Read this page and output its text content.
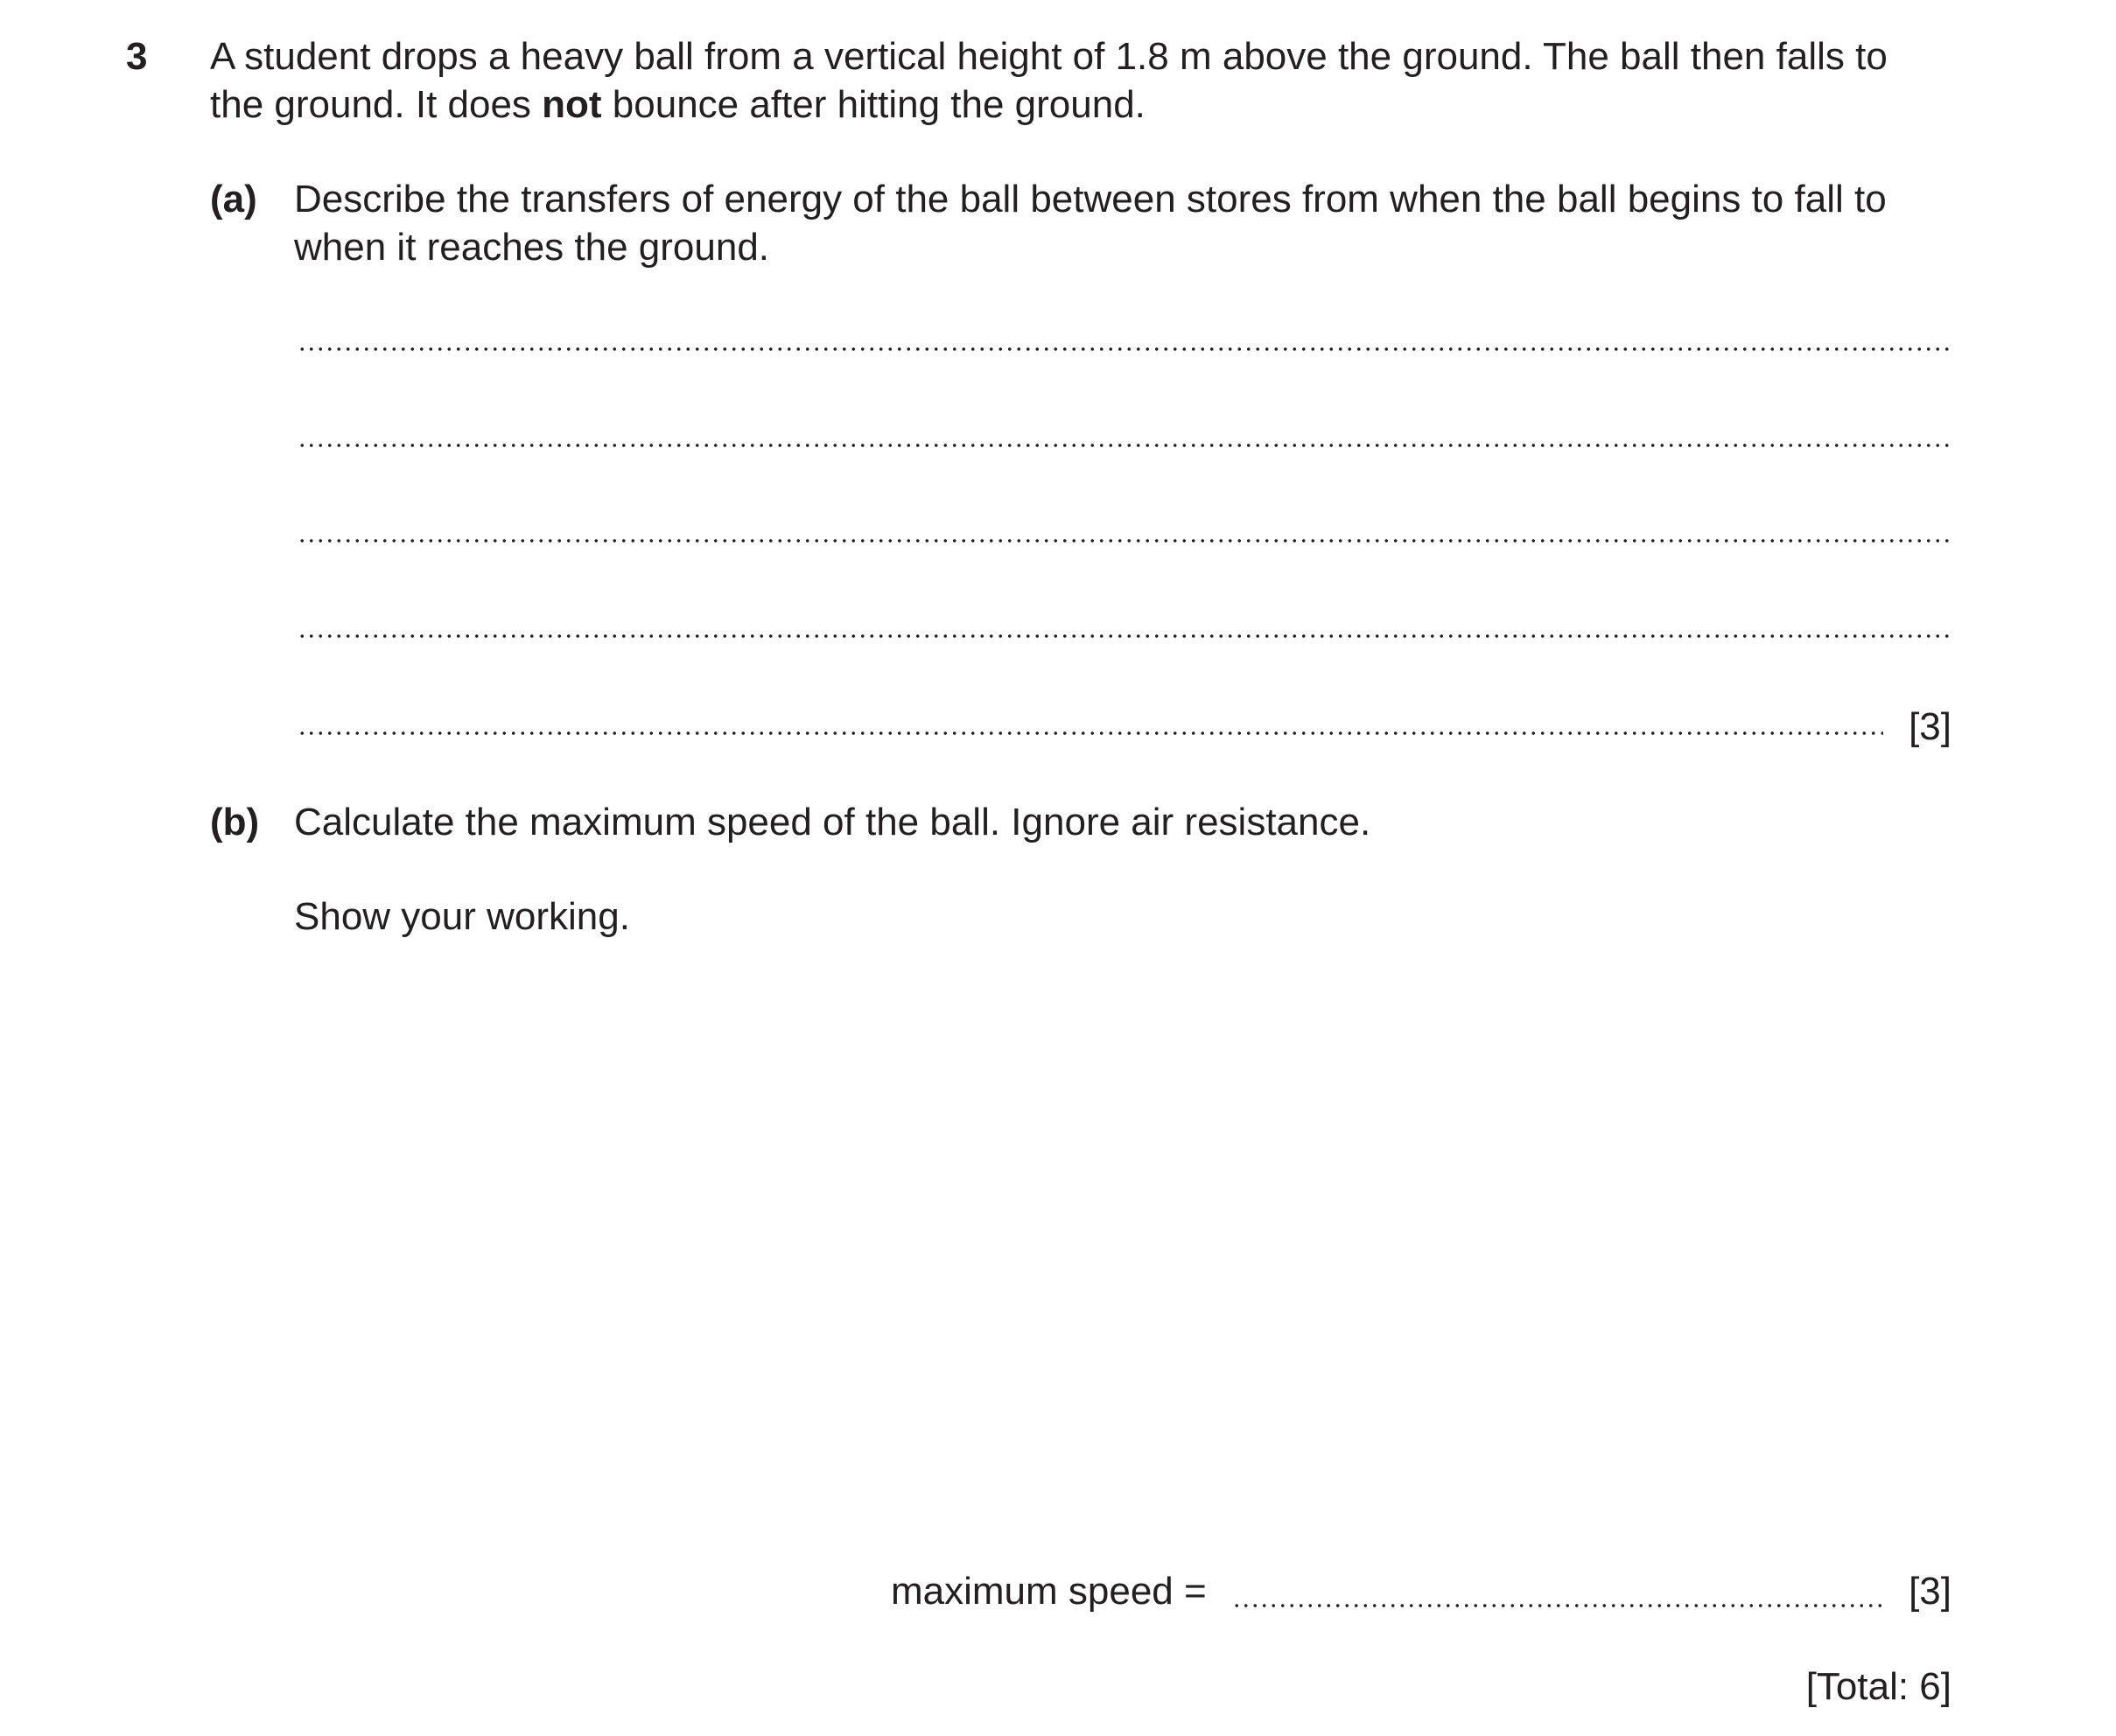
3 A student drops a heavy ball from a vertical height of 1.8 m above the ground. The ball then falls to
the ground. It does not bounce after hitting the ground.
(a) Describe the transfers of energy of the ball between stores from when the ball begins to fall to
when it reaches the ground.
[3]
(b) Calculate the maximum speed of the ball. Ignore air resistance.
Show your working.
maximum speed =	[3]
[Total: 6]
